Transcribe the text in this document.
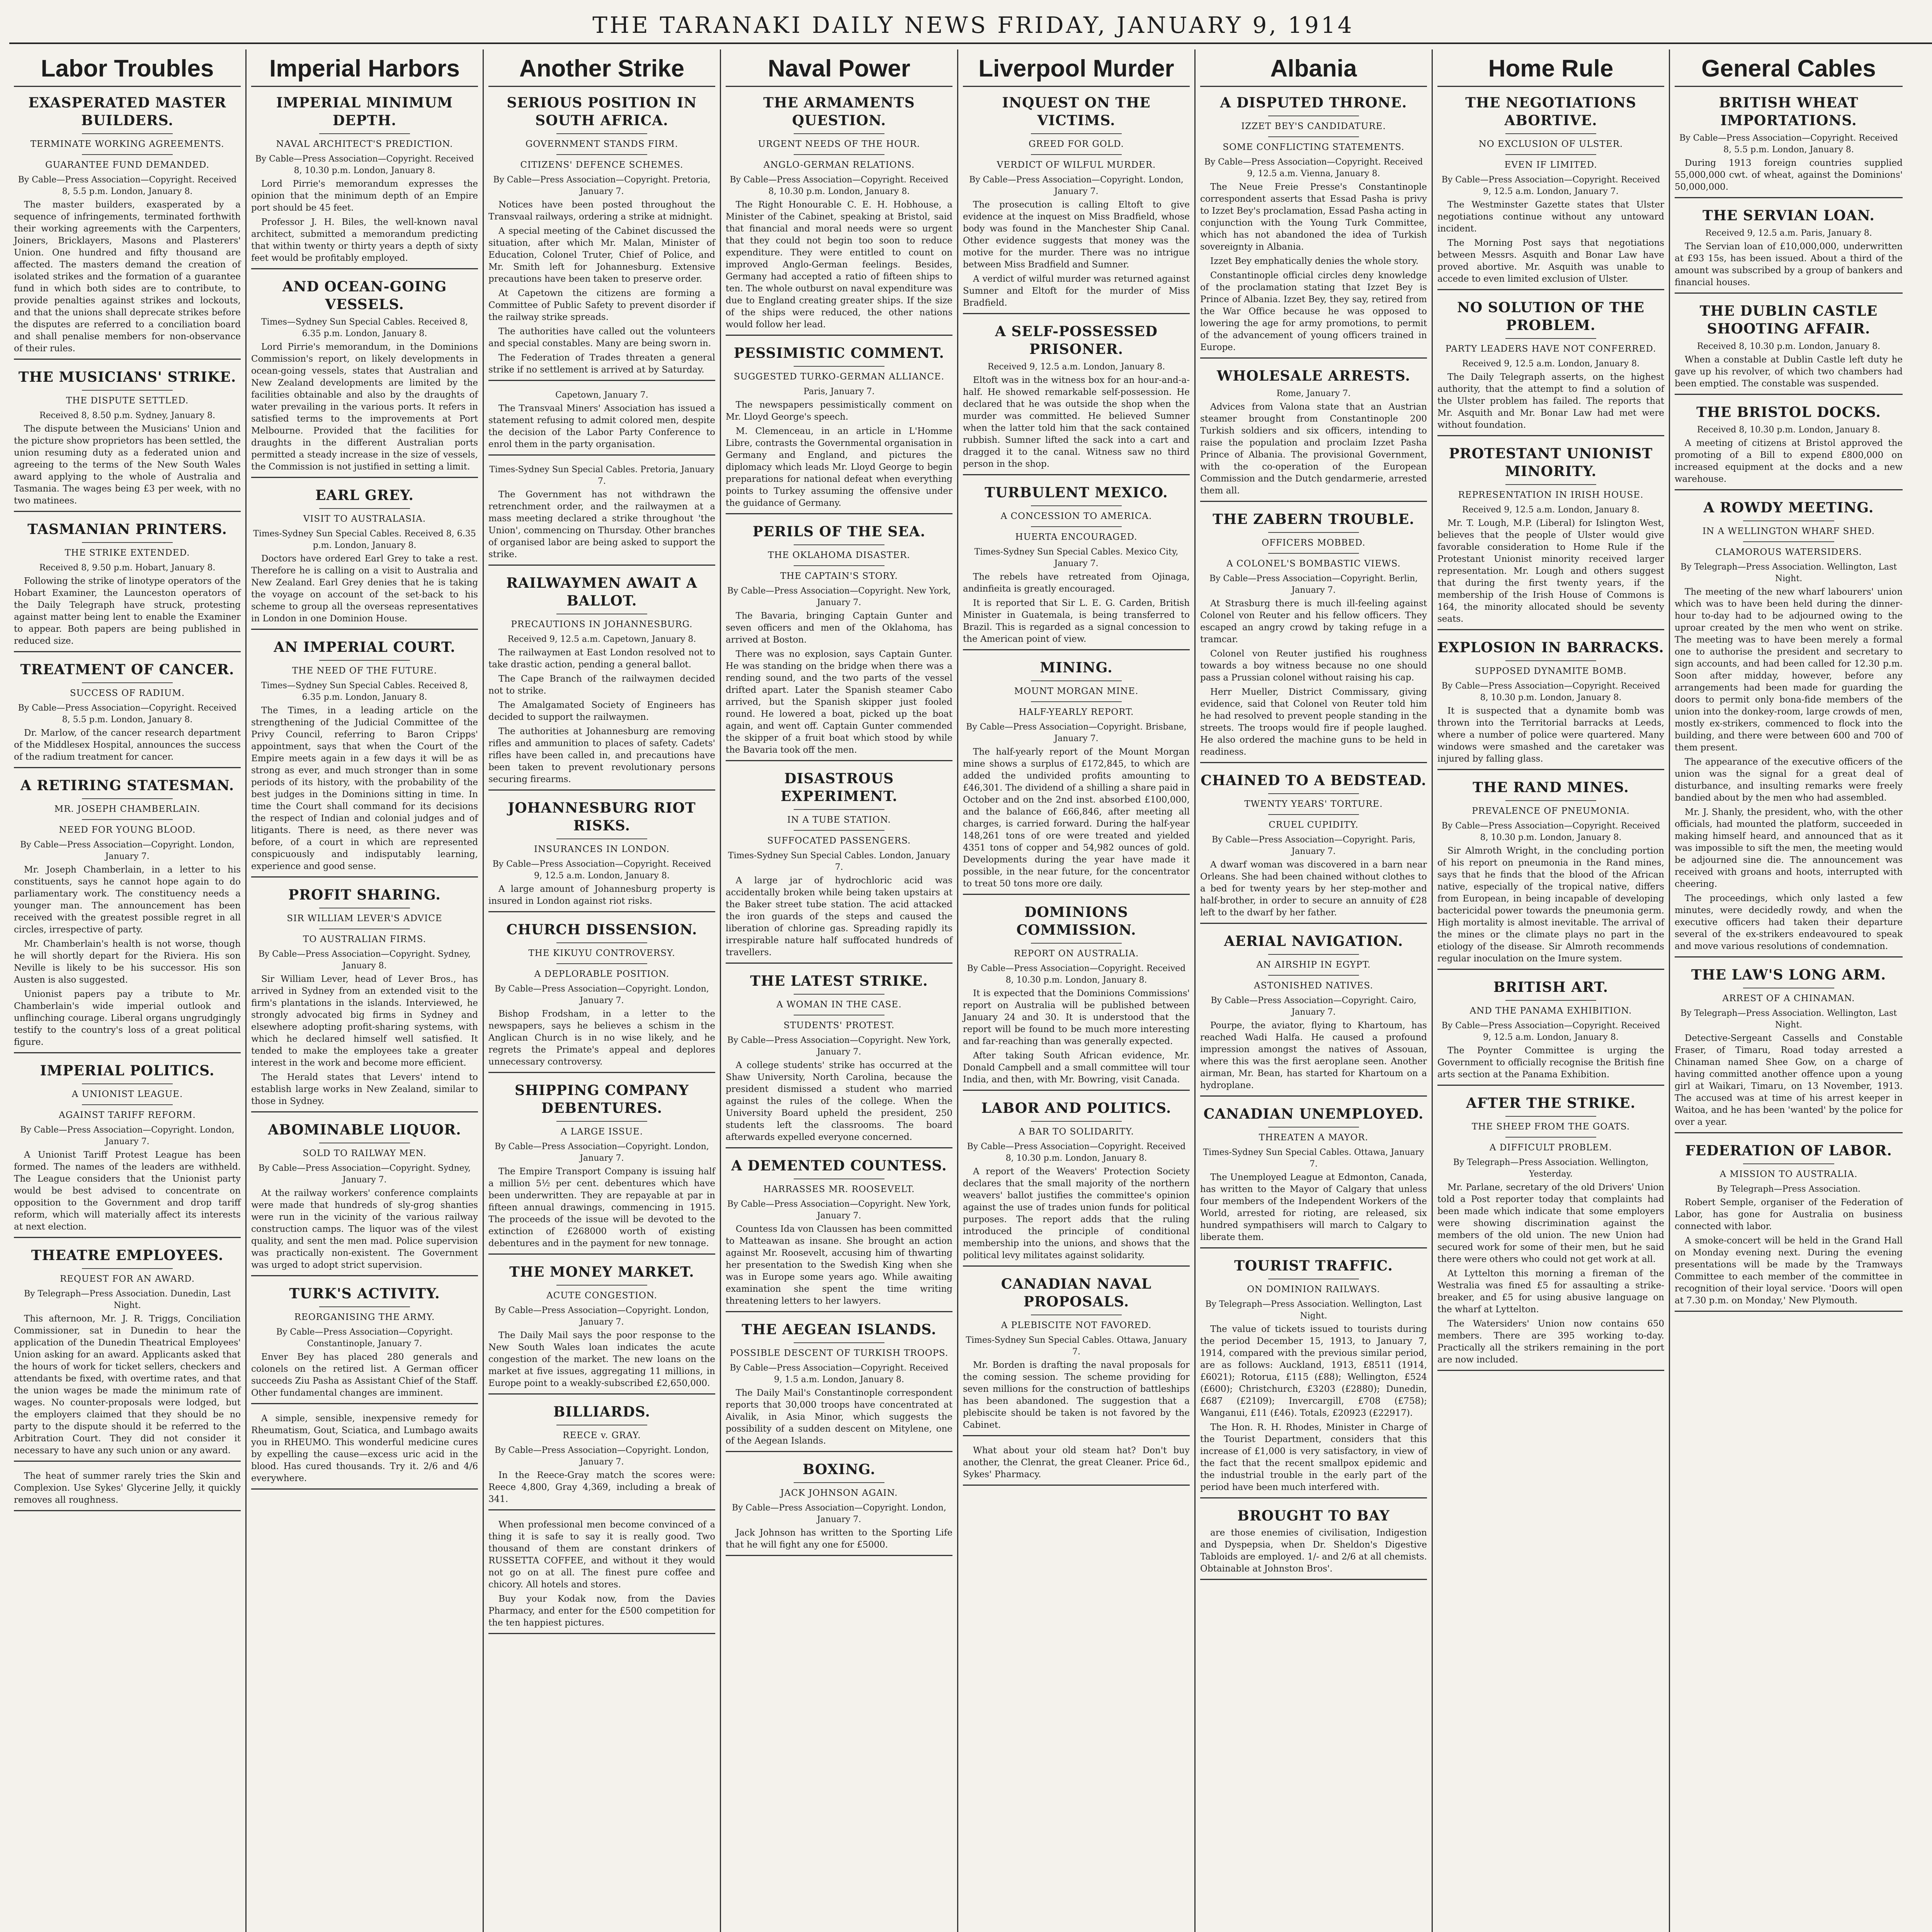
THE TARANAKI DAILY NEWS FRIDAY, JANUARY 9, 1914
Labor Troubles
EXASPERATED MASTER BUILDERS.
TERMINATE WORKING AGREEMENTS.
GUARANTEE FUND DEMANDED.
By Cable—Press Association—Copyright. Received 8, 5.5 p.m. London, January 8.

The master builders, exasperated by a sequence of infringements, terminated forthwith their working agreements with the Carpenters, Joiners, Bricklayers, Masons and Plasterers' Union. One hundred and fifty thousand are affected. The masters demand the creation of isolated strikes and the formation of a guarantee fund in which both sides are to contribute, to provide penalties against strikes and lockouts, and that the unions shall deprecate strikes before the disputes are referred to a conciliation board and shall penalise members for non-observance of their rules.

THE MUSICIANS' STRIKE.
THE DISPUTE SETTLED.
Received 8, 8.50 p.m. Sydney, January 8.

The dispute between the Musicians' Union and the picture show proprietors has been settled, the union resuming duty as a federated union and agreeing to the terms of the New South Wales award applying to the whole of Australia and Tasmania. The wages being £3 per week, with no two matinees.

TASMANIAN PRINTERS.
THE STRIKE EXTENDED.
Received 8, 9.50 p.m. Hobart, January 8.

Following the strike of linotype operators of the Hobart Examiner, the Launceston operators of the Daily Telegraph have struck, protesting against matter being lent to enable the Examiner to appear. Both papers are being published in reduced size.

TREATMENT OF CANCER.
SUCCESS OF RADIUM.
By Cable—Press Association—Copyright. Received 8, 5.5 p.m. London, January 8.

Dr. Marlow, of the cancer research department of the Middlesex Hospital, announces the success of the radium treatment for cancer.

A RETIRING STATESMAN.
MR. JOSEPH CHAMBERLAIN.
NEED FOR YOUNG BLOOD.
By Cable—Press Association—Copyright. London, January 7.

Mr. Joseph Chamberlain, in a letter to his constituents, says he cannot hope again to do parliamentary work. The constituency needs a younger man. The announcement has been received with the greatest possible regret in all circles, irrespective of party.

Mr. Chamberlain's health is not worse, though he will shortly depart for the Riviera. His son Neville is likely to be his successor. His son Austen is also suggested.

Unionist papers pay a tribute to Mr. Chamberlain's wide imperial outlook and unflinching courage. Liberal organs ungrudgingly testify to the country's loss of a great political figure.

IMPERIAL POLITICS.
A UNIONIST LEAGUE.
AGAINST TARIFF REFORM.
By Cable—Press Association—Copyright. London, January 7.

A Unionist Tariff Protest League has been formed. The names of the leaders are withheld. The League considers that the Unionist party would be best advised to concentrate on opposition to the Government and drop tariff reform, which will materially affect its interests at next election.

THEATRE EMPLOYEES.
REQUEST FOR AN AWARD.
By Telegraph—Press Association. Dunedin, Last Night.

This afternoon, Mr. J. R. Triggs, Conciliation Commissioner, sat in Dunedin to hear the application of the Dunedin Theatrical Employees' Union asking for an award. Applicants asked that the hours of work for ticket sellers, checkers and attendants be fixed, with overtime rates, and that the union wages be made the minimum rate of wages. No counter-proposals were lodged, but the employers claimed that they should be no party to the dispute should it be referred to the Arbitration Court. They did not consider it necessary to have any such union or any award.

The heat of summer rarely tries the Skin and Complexion. Use Sykes' Glycerine Jelly, it quickly removes all roughness.

Imperial Harbors
IMPERIAL MINIMUM DEPTH.
NAVAL ARCHITECT'S PREDICTION.
By Cable—Press Association—Copyright. Received 8, 10.30 p.m. London, January 8.

Lord Pirrie's memorandum expresses the opinion that the minimum depth of an Empire port should be 45 feet.

Professor J. H. Biles, the well-known naval architect, submitted a memorandum predicting that within twenty or thirty years a depth of sixty feet would be profitably employed.

AND OCEAN-GOING VESSELS.
Times—Sydney Sun Special Cables. Received 8, 6.35 p.m. London, January 8.

Lord Pirrie's memorandum, in the Dominions Commission's report, on likely developments in ocean-going vessels, states that Australian and New Zealand developments are limited by the facilities obtainable and also by the draughts of water prevailing in the various ports. It refers in satisfied terms to the improvements at Port Melbourne. Provided that the facilities for draughts in the different Australian ports permitted a steady increase in the size of vessels, the Commission is not justified in setting a limit.

EARL GREY.
VISIT TO AUSTRALASIA.
Times-Sydney Sun Special Cables. Received 8, 6.35 p.m. London, January 8.

Doctors have ordered Earl Grey to take a rest. Therefore he is calling on a visit to Australia and New Zealand. Earl Grey denies that he is taking the voyage on account of the set-back to his scheme to group all the overseas representatives in London in one Dominion House.

AN IMPERIAL COURT.
THE NEED OF THE FUTURE.
Times—Sydney Sun Special Cables. Received 8, 6.35 p.m. London, January 8.

The Times, in a leading article on the strengthening of the Judicial Committee of the Privy Council, referring to Baron Cripps' appointment, says that when the Court of the Empire meets again in a few days it will be as strong as ever, and much stronger than in some periods of its history, with the probability of the best judges in the Dominions sitting in time. In time the Court shall command for its decisions the respect of Indian and colonial judges and of litigants. There is need, as there never was before, of a court in which are represented conspicuously and indisputably learning, experience and good sense.

PROFIT SHARING.
SIR WILLIAM LEVER'S ADVICE
TO AUSTRALIAN FIRMS.
By Cable—Press Association—Copyright. Sydney, January 8.

Sir William Lever, head of Lever Bros., has arrived in Sydney from an extended visit to the firm's plantations in the islands. Interviewed, he strongly advocated big firms in Sydney and elsewhere adopting profit-sharing systems, with which he declared himself well satisfied. It tended to make the employees take a greater interest in the work and become more efficient.

The Herald states that Levers' intend to establish large works in New Zealand, similar to those in Sydney.

ABOMINABLE LIQUOR.
SOLD TO RAILWAY MEN.
By Cable—Press Association—Copyright. Sydney, January 7.

At the railway workers' conference complaints were made that hundreds of sly-grog shanties were run in the vicinity of the various railway construction camps. The liquor was of the vilest quality, and sent the men mad. Police supervision was practically non-existent. The Government was urged to adopt strict supervision.

TURK'S ACTIVITY.
REORGANISING THE ARMY.
By Cable—Press Association—Copyright. Constantinople, January 7.

Enver Bey has placed 280 generals and colonels on the retired list. A German officer succeeds Ziu Pasha as Assistant Chief of the Staff. Other fundamental changes are imminent.

A simple, sensible, inexpensive remedy for Rheumatism, Gout, Sciatica, and Lumbago awaits you in RHEUMO. This wonderful medicine cures by expelling the cause—excess uric acid in the blood. Has cured thousands. Try it. 2/6 and 4/6 everywhere.

Another Strike
SERIOUS POSITION IN SOUTH AFRICA.
GOVERNMENT STANDS FIRM.
CITIZENS' DEFENCE SCHEMES.
By Cable—Press Association—Copyright. Pretoria, January 7.

Notices have been posted throughout the Transvaal railways, ordering a strike at midnight.

A special meeting of the Cabinet discussed the situation, after which Mr. Malan, Minister of Education, Colonel Truter, Chief of Police, and Mr. Smith left for Johannesburg. Extensive precautions have been taken to preserve order.

At Capetown the citizens are forming a Committee of Public Safety to prevent disorder if the railway strike spreads.

The authorities have called out the volunteers and special constables. Many are being sworn in.

The Federation of Trades threaten a general strike if no settlement is arrived at by Saturday.

Capetown, January 7.

The Transvaal Miners' Association has issued a statement refusing to admit colored men, despite the decision of the Labor Party Conference to enrol them in the party organisation.

Times-Sydney Sun Special Cables. Pretoria, January 7.

The Government has not withdrawn the retrenchment order, and the railwaymen at a mass meeting declared a strike throughout 'the Union', commencing on Thursday. Other branches of organised labor are being asked to support the strike.

RAILWAYMEN AWAIT A BALLOT.
PRECAUTIONS IN JOHANNESBURG.
Received 9, 12.5 a.m. Capetown, January 8.

The railwaymen at East London resolved not to take drastic action, pending a general ballot.

The Cape Branch of the railwaymen decided not to strike.

The Amalgamated Society of Engineers has decided to support the railwaymen.

The authorities at Johannesburg are removing rifles and ammunition to places of safety. Cadets' rifles have been called in, and precautions have been taken to prevent revolutionary persons securing firearms.

JOHANNESBURG RIOT RISKS.
INSURANCES IN LONDON.
By Cable—Press Association—Copyright. Received 9, 12.5 a.m. London, January 8.

A large amount of Johannesburg property is insured in London against riot risks.

CHURCH DISSENSION.
THE KIKUYU CONTROVERSY.
A DEPLORABLE POSITION.
By Cable—Press Association—Copyright. London, January 7.

Bishop Frodsham, in a letter to the newspapers, says he believes a schism in the Anglican Church is in no wise likely, and he regrets the Primate's appeal and deplores unnecessary controversy.

SHIPPING COMPANY DEBENTURES.
A LARGE ISSUE.
By Cable—Press Association—Copyright. London, January 7.

The Empire Transport Company is issuing half a million 5½ per cent. debentures which have been underwritten. They are repayable at par in fifteen annual drawings, commencing in 1915. The proceeds of the issue will be devoted to the extinction of £268000 worth of existing debentures and in the payment for new tonnage.

THE MONEY MARKET.
ACUTE CONGESTION.
By Cable—Press Association—Copyright. London, January 7.

The Daily Mail says the poor response to the New South Wales loan indicates the acute congestion of the market. The new loans on the market at five issues, aggregating 11 millions, in Europe point to a weakly-subscribed £2,650,000.

BILLIARDS.
REECE v. GRAY.
By Cable—Press Association—Copyright. London, January 7.

In the Reece-Gray match the scores were: Reece 4,800, Gray 4,369, including a break of 341.

When professional men become convinced of a thing it is safe to say it is really good. Two thousand of them are constant drinkers of RUSSETTA COFFEE, and without it they would not go on at all. The finest pure coffee and chicory. All hotels and stores.

Buy your Kodak now, from the Davies Pharmacy, and enter for the £500 competition for the ten happiest pictures.

Naval Power
THE ARMAMENTS QUESTION.
URGENT NEEDS OF THE HOUR.
ANGLO-GERMAN RELATIONS.
By Cable—Press Association—Copyright. Received 8, 10.30 p.m. London, January 8.

The Right Honourable C. E. H. Hobhouse, a Minister of the Cabinet, speaking at Bristol, said that financial and moral needs were so urgent that they could not begin too soon to reduce expenditure. They were entitled to count on improved Anglo-German feelings. Besides, Germany had accepted a ratio of fifteen ships to ten. The whole outburst on naval expenditure was due to England creating greater ships. If the size of the ships were reduced, the other nations would follow her lead.

PESSIMISTIC COMMENT.
SUGGESTED TURKO-GERMAN ALLIANCE.
Paris, January 7.

The newspapers pessimistically comment on Mr. Lloyd George's speech.

M. Clemenceau, in an article in L'Homme Libre, contrasts the Governmental organisation in Germany and England, and pictures the diplomacy which leads Mr. Lloyd George to begin preparations for national defeat when everything points to Turkey assuming the offensive under the guidance of Germany.

PERILS OF THE SEA.
THE OKLAHOMA DISASTER.
THE CAPTAIN'S STORY.
By Cable—Press Association—Copyright. New York, January 7.

The Bavaria, bringing Captain Gunter and seven officers and men of the Oklahoma, has arrived at Boston.

There was no explosion, says Captain Gunter. He was standing on the bridge when there was a rending sound, and the two parts of the vessel drifted apart. Later the Spanish steamer Cabo arrived, but the Spanish skipper just fooled round. He lowered a boat, picked up the boat again, and went off. Captain Gunter commended the skipper of a fruit boat which stood by while the Bavaria took off the men.

DISASTROUS EXPERIMENT.
IN A TUBE STATION.
SUFFOCATED PASSENGERS.
Times-Sydney Sun Special Cables. London, January 7.

A large jar of hydrochloric acid was accidentally broken while being taken upstairs at the Baker street tube station. The acid attacked the iron guards of the steps and caused the liberation of chlorine gas. Spreading rapidly its irrespirable nature half suffocated hundreds of travellers.

THE LATEST STRIKE.
A WOMAN IN THE CASE.
STUDENTS' PROTEST.
By Cable—Press Association—Copyright. New York, January 7.

A college students' strike has occurred at the Shaw University, North Carolina, because the president dismissed a student who married against the rules of the college. When the University Board upheld the president, 250 students left the classrooms. The board afterwards expelled everyone concerned.

A DEMENTED COUNTESS.
HARRASSES MR. ROOSEVELT.
By Cable—Press Association—Copyright. New York, January 7.

Countess Ida von Claussen has been committed to Matteawan as insane. She brought an action against Mr. Roosevelt, accusing him of thwarting her presentation to the Swedish King when she was in Europe some years ago. While awaiting examination she spent the time writing threatening letters to her lawyers.

THE AEGEAN ISLANDS.
POSSIBLE DESCENT OF TURKISH TROOPS.
By Cable—Press Association—Copyright. Received 9, 1.5 a.m. London, January 8.

The Daily Mail's Constantinople correspondent reports that 30,000 troops have concentrated at Aivalik, in Asia Minor, which suggests the possibility of a sudden descent on Mitylene, one of the Aegean Islands.

BOXING.
JACK JOHNSON AGAIN.
By Cable—Press Association—Copyright. London, January 7.

Jack Johnson has written to the Sporting Life that he will fight any one for £5000.

Liverpool Murder
INQUEST ON THE VICTIMS.
GREED FOR GOLD.
VERDICT OF WILFUL MURDER.
By Cable—Press Association—Copyright. London, January 7.

The prosecution is calling Eltoft to give evidence at the inquest on Miss Bradfield, whose body was found in the Manchester Ship Canal. Other evidence suggests that money was the motive for the murder. There was no intrigue between Miss Bradfield and Sumner.

A verdict of wilful murder was returned against Sumner and Eltoft for the murder of Miss Bradfield.

A SELF-POSSESSED PRISONER.
Received 9, 12.5 a.m. London, January 8.

Eltoft was in the witness box for an hour-and-a-half. He showed remarkable self-possession. He declared that he was outside the shop when the murder was committed. He believed Sumner when the latter told him that the sack contained rubbish. Sumner lifted the sack into a cart and dragged it to the canal. Witness saw no third person in the shop.

TURBULENT MEXICO.
A CONCESSION TO AMERICA.
HUERTA ENCOURAGED.
Times-Sydney Sun Special Cables. Mexico City, January 7.

The rebels have retreated from Ojinaga, andinfieita is greatly encouraged.

It is reported that Sir L. E. G. Carden, British Minister in Guatemala, is being transferred to Brazil. This is regarded as a signal concession to the American point of view.

MINING.
MOUNT MORGAN MINE.
HALF-YEARLY REPORT.
By Cable—Press Association—Copyright. Brisbane, January 7.

The half-yearly report of the Mount Morgan mine shows a surplus of £172,845, to which are added the undivided profits amounting to £46,301. The dividend of a shilling a share paid in October and on the 2nd inst. absorbed £100,000, and the balance of £66,846, after meeting all charges, is carried forward. During the half-year 148,261 tons of ore were treated and yielded 4351 tons of copper and 54,982 ounces of gold. Developments during the year have made it possible, in the near future, for the concentrator to treat 50 tons more ore daily.

DOMINIONS COMMISSION.
REPORT ON AUSTRALIA.
By Cable—Press Association—Copyright. Received 8, 10.30 p.m. London, January 8.

It is expected that the Dominions Commissions' report on Australia will be published between January 24 and 30. It is understood that the report will be found to be much more interesting and far-reaching than was generally expected.

After taking South African evidence, Mr. Donald Campbell and a small committee will tour India, and then, with Mr. Bowring, visit Canada.

LABOR AND POLITICS.
A BAR TO SOLIDARITY.
By Cable—Press Association—Copyright. Received 8, 10.30 p.m. London, January 8.

A report of the Weavers' Protection Society declares that the small majority of the northern weavers' ballot justifies the committee's opinion against the use of trades union funds for political purposes. The report adds that the ruling introduced the principle of conditional membership into the unions, and shows that the political levy militates against solidarity.

CANADIAN NAVAL PROPOSALS.
A PLEBISCITE NOT FAVORED.
Times-Sydney Sun Special Cables. Ottawa, January 7.

Mr. Borden is drafting the naval proposals for the coming session. The scheme providing for seven millions for the construction of battleships has been abandoned. The suggestion that a plebiscite should be taken is not favored by the Cabinet.

What about your old steam hat? Don't buy another, the Clenrat, the great Cleaner. Price 6d., Sykes' Pharmacy.

Albania
A DISPUTED THRONE.
IZZET BEY'S CANDIDATURE.
SOME CONFLICTING STATEMENTS.
By Cable—Press Association—Copyright. Received 9, 12.5 a.m. Vienna, January 8.

The Neue Freie Presse's Constantinople correspondent asserts that Essad Pasha is privy to Izzet Bey's proclamation, Essad Pasha acting in conjunction with the Young Turk Committee, which has not abandoned the idea of Turkish sovereignty in Albania.

Izzet Bey emphatically denies the whole story.

Constantinople official circles deny knowledge of the proclamation stating that Izzet Bey is Prince of Albania. Izzet Bey, they say, retired from the War Office because he was opposed to lowering the age for army promotions, to permit of the advancement of young officers trained in Europe.

WHOLESALE ARRESTS.
Rome, January 7.

Advices from Valona state that an Austrian steamer brought from Constantinople 200 Turkish soldiers and six officers, intending to raise the population and proclaim Izzet Pasha Prince of Albania. The provisional Government, with the co-operation of the European Commission and the Dutch gendarmerie, arrested them all.

THE ZABERN TROUBLE.
OFFICERS MOBBED.
A COLONEL'S BOMBASTIC VIEWS.
By Cable—Press Association—Copyright. Berlin, January 7.

At Strasburg there is much ill-feeling against Colonel von Reuter and his fellow officers. They escaped an angry crowd by taking refuge in a tramcar.

Colonel von Reuter justified his roughness towards a boy witness because no one should pass a Prussian colonel without raising his cap.

Herr Mueller, District Commissary, giving evidence, said that Colonel von Reuter told him he had resolved to prevent people standing in the streets. The troops would fire if people laughed. He also ordered the machine guns to be held in readiness.

CHAINED TO A BEDSTEAD.
TWENTY YEARS' TORTURE.
CRUEL CUPIDITY.
By Cable—Press Association—Copyright. Paris, January 7.

A dwarf woman was discovered in a barn near Orleans. She had been chained without clothes to a bed for twenty years by her step-mother and half-brother, in order to secure an annuity of £28 left to the dwarf by her father.

AERIAL NAVIGATION.
AN AIRSHIP IN EGYPT.
ASTONISHED NATIVES.
By Cable—Press Association—Copyright. Cairo, January 7.

Pourpe, the aviator, flying to Khartoum, has reached Wadi Halfa. He caused a profound impression amongst the natives of Assouan, where this was the first aeroplane seen. Another airman, Mr. Bean, has started for Khartoum on a hydroplane.

CANADIAN UNEMPLOYED.
THREATEN A MAYOR.
Times-Sydney Sun Special Cables. Ottawa, January 7.

The Unemployed League at Edmonton, Canada, has written to the Mayor of Calgary that unless four members of the Independent Workers of the World, arrested for rioting, are released, six hundred sympathisers will march to Calgary to liberate them.

TOURIST TRAFFIC.
ON DOMINION RAILWAYS.
By Telegraph—Press Association. Wellington, Last Night.

The value of tickets issued to tourists during the period December 15, 1913, to January 7, 1914, compared with the previous similar period, are as follows: Auckland, 1913, £8511 (1914, £6021); Rotorua, £115 (£88); Wellington, £524 (£600); Christchurch, £3203 (£2880); Dunedin, £687 (£2109); Invercargill, £708 (£758); Wanganui, £11 (£46). Totals, £20923 (£22917).

The Hon. R. H. Rhodes, Minister in Charge of the Tourist Department, considers that this increase of £1,000 is very satisfactory, in view of the fact that the recent smallpox epidemic and the industrial trouble in the early part of the period have been much interfered with.

BROUGHT TO BAY

are those enemies of civilisation, Indigestion and Dyspepsia, when Dr. Sheldon's Digestive Tabloids are employed. 1/- and 2/6 at all chemists. Obtainable at Johnston Bros'.

Home Rule
THE NEGOTIATIONS ABORTIVE.
NO EXCLUSION OF ULSTER.
EVEN IF LIMITED.
By Cable—Press Association—Copyright. Received 9, 12.5 a.m. London, January 7.

The Westminster Gazette states that Ulster negotiations continue without any untoward incident.

The Morning Post says that negotiations between Messrs. Asquith and Bonar Law have proved abortive. Mr. Asquith was unable to accede to even limited exclusion of Ulster.

NO SOLUTION OF THE PROBLEM.
PARTY LEADERS HAVE NOT CONFERRED.
Received 9, 12.5 a.m. London, January 8.

The Daily Telegraph asserts, on the highest authority, that the attempt to find a solution of the Ulster problem has failed. The reports that Mr. Asquith and Mr. Bonar Law had met were without foundation.

PROTESTANT UNIONIST MINORITY.
REPRESENTATION IN IRISH HOUSE.
Received 9, 12.5 a.m. London, January 8.

Mr. T. Lough, M.P. (Liberal) for Islington West, believes that the people of Ulster would give favorable consideration to Home Rule if the Protestant Unionist minority received larger representation. Mr. Lough and others suggest that during the first twenty years, if the membership of the Irish House of Commons is 164, the minority allocated should be seventy seats.

EXPLOSION IN BARRACKS.
SUPPOSED DYNAMITE BOMB.
By Cable—Press Association—Copyright. Received 8, 10.30 p.m. London, January 8.

It is suspected that a dynamite bomb was thrown into the Territorial barracks at Leeds, where a number of police were quartered. Many windows were smashed and the caretaker was injured by falling glass.

THE RAND MINES.
PREVALENCE OF PNEUMONIA.
By Cable—Press Association—Copyright. Received 8, 10.30 p.m. London, January 8.

Sir Almroth Wright, in the concluding portion of his report on pneumonia in the Rand mines, says that he finds that the blood of the African native, especially of the tropical native, differs from European, in being incapable of developing bactericidal power towards the pneumonia germ. High mortality is almost inevitable. The arrival of the mines or the climate plays no part in the etiology of the disease. Sir Almroth recommends regular inoculation on the Imure system.

BRITISH ART.
AND THE PANAMA EXHIBITION.
By Cable—Press Association—Copyright. Received 9, 12.5 a.m. London, January 8.

The Poynter Committee is urging the Government to officially recognise the British fine arts section at the Panama Exhibition.

AFTER THE STRIKE.
THE SHEEP FROM THE GOATS.
A DIFFICULT PROBLEM.
By Telegraph—Press Association. Wellington, Yesterday.

Mr. Parlane, secretary of the old Drivers' Union told a Post reporter today that complaints had been made which indicate that some employers were showing discrimination against the members of the old union. The new Union had secured work for some of their men, but he said there were others who could not get work at all.

At Lyttelton this morning a fireman of the Westralia was fined £5 for assaulting a strike-breaker, and £5 for using abusive language on the wharf at Lyttelton.

The Watersiders' Union now contains 650 members. There are 395 working to-day. Practically all the strikers remaining in the port are now included.

General Cables
BRITISH WHEAT IMPORTATIONS.
By Cable—Press Association—Copyright. Received 8, 5.5 p.m. London, January 8.

During 1913 foreign countries supplied 55,000,000 cwt. of wheat, against the Dominions' 50,000,000.

THE SERVIAN LOAN.
Received 9, 12.5 a.m. Paris, January 8.

The Servian loan of £10,000,000, underwritten at £93 15s, has been issued. About a third of the amount was subscribed by a group of bankers and financial houses.

THE DUBLIN CASTLE SHOOTING AFFAIR.
Received 8, 10.30 p.m. London, January 8.

When a constable at Dublin Castle left duty he gave up his revolver, of which two chambers had been emptied. The constable was suspended.

THE BRISTOL DOCKS.
Received 8, 10.30 p.m. London, January 8.

A meeting of citizens at Bristol approved the promoting of a Bill to expend £800,000 on increased equipment at the docks and a new warehouse.

A ROWDY MEETING.
IN A WELLINGTON WHARF SHED.
CLAMOROUS WATERSIDERS.
By Telegraph—Press Association. Wellington, Last Night.

The meeting of the new wharf labourers' union which was to have been held during the dinner-hour to-day had to be adjourned owing to the uproar created by the men who went on strike. The meeting was to have been merely a formal one to authorise the president and secretary to sign accounts, and had been called for 12.30 p.m. Soon after midday, however, before any arrangements had been made for guarding the doors to permit only bona-fide members of the union into the donkey-room, large crowds of men, mostly ex-strikers, commenced to flock into the building, and there were between 600 and 700 of them present.

The appearance of the executive officers of the union was the signal for a great deal of disturbance, and insulting remarks were freely bandied about by the men who had assembled.

Mr. J. Shanly, the president, who, with the other officials, had mounted the platform, succeeded in making himself heard, and announced that as it was impossible to sift the men, the meeting would be adjourned sine die. The announcement was received with groans and hoots, interrupted with cheering.

The proceedings, which only lasted a few minutes, were decidedly rowdy, and when the executive officers had taken their departure several of the ex-strikers endeavoured to speak and move various resolutions of condemnation.

THE LAW'S LONG ARM.
ARREST OF A CHINAMAN.
By Telegraph—Press Association. Wellington, Last Night.

Detective-Sergeant Cassells and Constable Fraser, of Timaru, Road today arrested a Chinaman named Shee Gow, on a charge of having committed another offence upon a young girl at Waikari, Timaru, on 13 November, 1913. The accused was at time of his arrest keeper in Waitoa, and he has been 'wanted' by the police for over a year.

FEDERATION OF LABOR.
A MISSION TO AUSTRALIA.
By Telegraph—Press Association.

Robert Semple, organiser of the Federation of Labor, has gone for Australia on business connected with labor.

A smoke-concert will be held in the Grand Hall on Monday evening next. During the evening presentations will be made by the Tramways Committee to each member of the committee in recognition of their loyal service. 'Doors will open at 7.30 p.m. on Monday,' New Plymouth.
